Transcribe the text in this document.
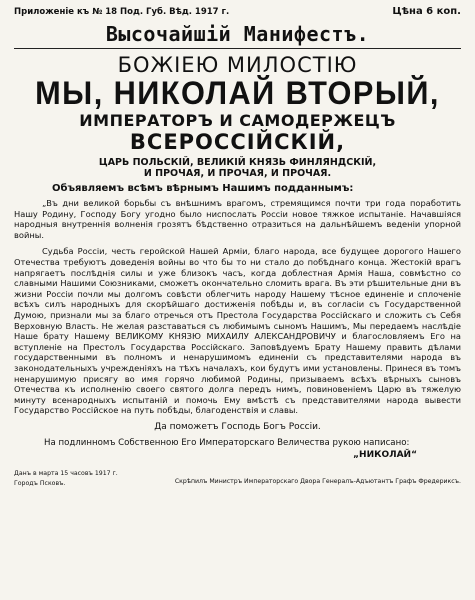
Приложенiе къ № 18 Под. Губ. Вѣд. 1917 г.	Цѣна 6 коп.
Высочайшiй Манифестъ.
БОЖIЕЮ МИЛОСТIЮ
МЫ, НИКОЛАЙ ВТОРЫЙ,
ИМПЕРАТОРЪ И САМОДЕРЖЕЦЪ
ВСЕРОССIЙСКIЙ,
ЦАРЬ ПОЛЬСКIЙ, ВЕЛИКIЙ КНЯЗЬ ФИНЛЯНДСКIЙ,
И ПРОЧАЯ, И ПРОЧАЯ, И ПРОЧАЯ.
Объявляемъ всѣмъ вѣрнымъ Нашимъ подданнымъ:

„Въ дни великой борьбы съ внѣшнимъ врагомъ, стремящимся почти три года поработить Нашу Родину, Господу Богу угодно было ниспослать Россiи новое тяжкое испытанiе. Начавшiяся народныя внутреннiя волненiя грозятъ бѣдственно отразиться на дальнѣйшемъ веденiи упорной войны.

Судьба Россiи, честь геройской Нашей Армiи, благо народа, все будущее дорогого Нашего Отечества требуютъ доведенiя войны во что бы то ни стало до побѣднаго конца. Жестокiй врагъ напрягаетъ послѣднiя силы и уже близокъ часъ, когда доблестная Армiя Наша, совмѣстно со славными Нашими Союзниками, сможетъ окончательно сломить врага. Въ эти рѣшительные дни въ жизни Россiи почли мы долгомъ совѣсти облегчить народу Нашему тѣсное единенiе и сплоченiе всѣхъ силъ народныхъ для скорѣйшаго достиженiя побѣды и, въ согласiи съ Государственной Думою, признали мы за благо отречься отъ Престола Государства Россiйскаго и сложить съ Себя Верховную Власть. Не желая разставаться съ любимымъ сыномъ Нашимъ, Мы передаемъ наслѣдiе Наше брату Нашему ВЕЛИКОМУ КНЯЗЮ МИХАИЛУ АЛЕКСАНДРОВИЧУ и благословляемъ Его на вступленiе на Престолъ Государства Россiйскаго. Заповѣдуемъ Брату Нашему править дѣлами государственными въ полномъ и ненарушимомъ единенiи съ представителями народа въ законодательныхъ учрежденiяхъ на тѣхъ началахъ, кои будутъ ими установлены. Принеся въ томъ ненарушимую присягу во имя горячо любимой Родины, призываемъ всѣхъ вѣрныхъ сыновъ Отечества къ исполненiю своего святого долга передъ нимъ, повиновенiемъ Царю въ тяжелую минуту всенародныхъ испытанiй и помочь Ему вмѣстѣ съ представителями народа вывести Государство Россiйское на путь побѣды, благоденствiя и славы.

Да поможетъ Господь Богъ Россiи.
На подлинномъ Собственною Его Императорскаго Величества рукою написано:
„НИКОЛАЙ“
Данъ в марта 15 часовъ 1917 г.
Городъ Псковъ.	Скрѣпилъ Министръ Императорскаго Двора Генералъ-Адъютантъ Графъ Фредериксъ.
